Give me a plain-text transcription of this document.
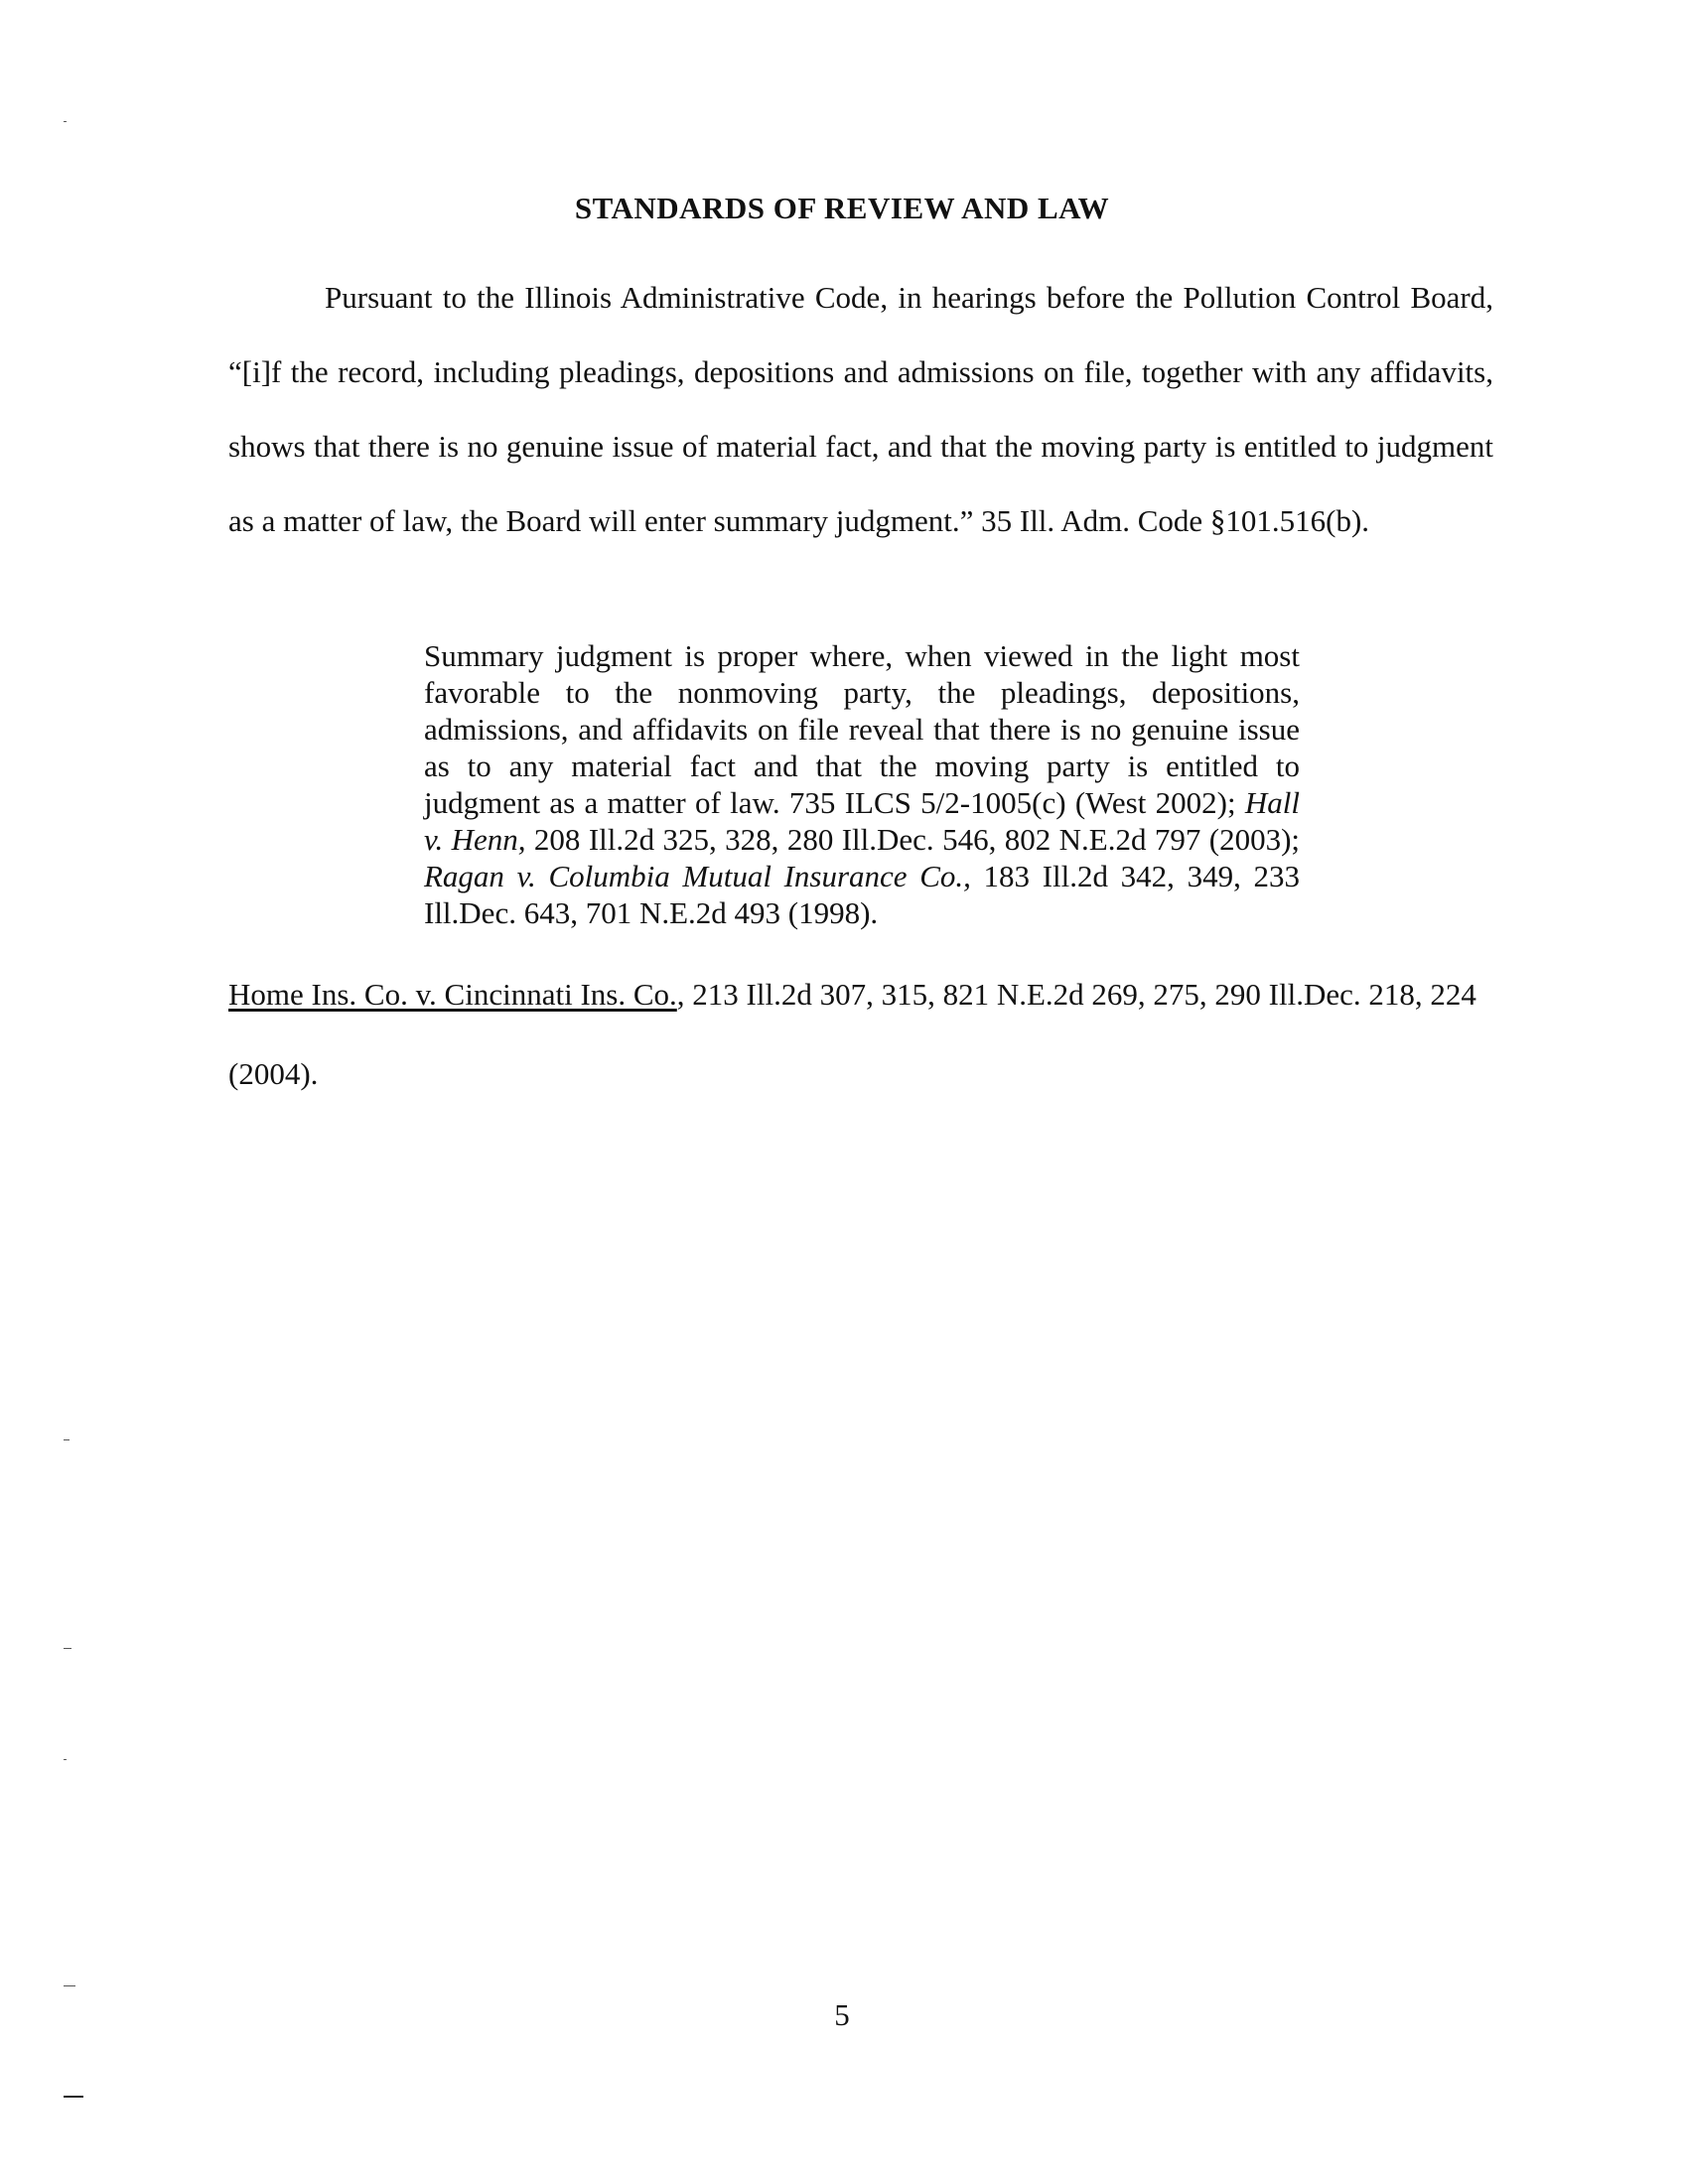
STANDARDS OF REVIEW AND LAW

Pursuant to the Illinois Administrative Code, in hearings before the Pollution Control Board, “[i]f the record, including pleadings, depositions and admissions on file, together with any affidavits, shows that there is no genuine issue of material fact, and that the moving party is entitled to judgment as a matter of law, the Board will enter summary judgment.” 35 Ill. Adm. Code §101.516(b).

Summary judgment is proper where, when viewed in the light most favorable to the nonmoving party, the pleadings, depositions, admissions, and affidavits on file reveal that there is no genuine issue as to any material fact and that the moving party is entitled to judgment as a matter of law. 735 ILCS 5/2-1005(c) (West 2002); Hall v. Henn, 208 Ill.2d 325, 328, 280 Ill.Dec. 546, 802 N.E.2d 797 (2003); Ragan v. Columbia Mutual Insurance Co., 183 Ill.2d 342, 349, 233 Ill.Dec. 643, 701 N.E.2d 493 (1998).

Home Ins. Co. v. Cincinnati Ins. Co., 213 Ill.2d 307, 315, 821 N.E.2d 269, 275, 290 Ill.Dec. 218, 224 (2004).

5
